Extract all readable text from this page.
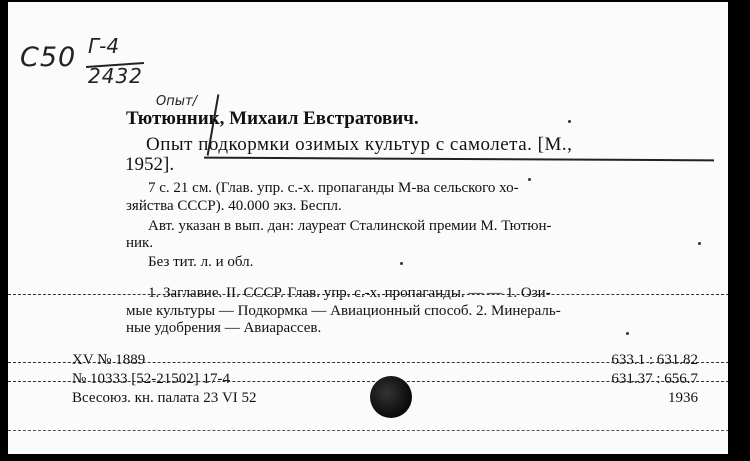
C50 Г-4
2432
Опыт/
Тютюнник, Михаил Евстратович.
Опыт подкормки озимых культур с самолета. [М.,
1952].
7 с. 21 см. (Глав. упр. с.-х. пропаганды М-ва сельского хо-
зяйства СССР). 40.000 экз. Беспл.
Авт. указан в вып. дан: лауреат Сталинской премии М. Тютюн-
ник.
Без тит. л. и обл.
1. Заглавие. II. СССР. Глав. упр. с.-х. пропаганды. — — 1. Ози-
мые культуры — Подкормка — Авиационный способ. 2. Минераль-
ные удобрения — Авиарассев.
XV № 1889
№ 10333 [52-21502] 17-4
Всесоюз. кн. палата 23 VI 52
633.1 : 631.82
631.37 : 656.7
1936
